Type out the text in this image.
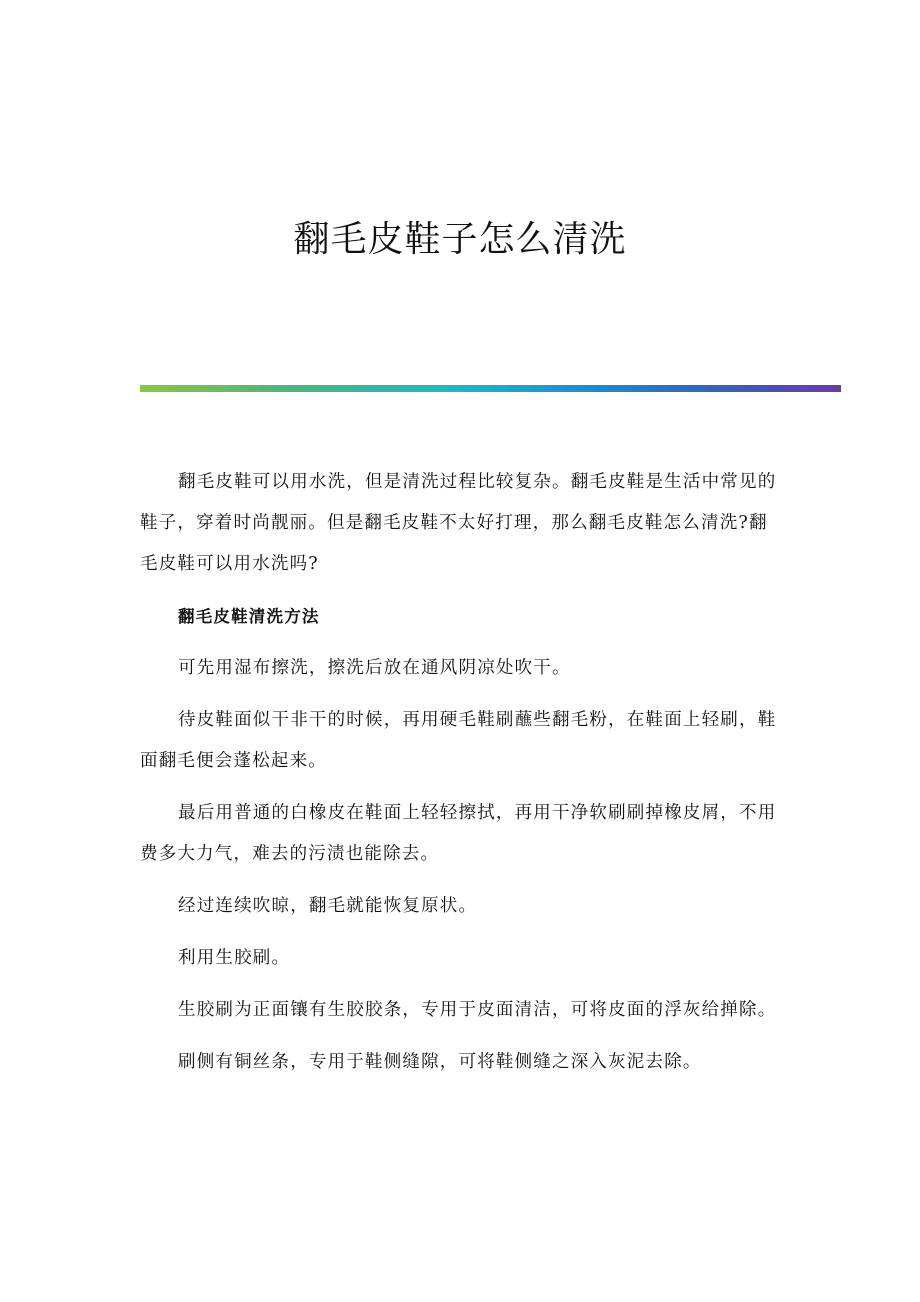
翻毛皮鞋子怎么清洗

翻毛皮鞋可以用水洗，但是清洗过程比较复杂。翻毛皮鞋是生活中常见的鞋子，穿着时尚靓丽。但是翻毛皮鞋不太好打理，那么翻毛皮鞋怎么清洗?翻毛皮鞋可以用水洗吗?

翻毛皮鞋清洗方法

可先用湿布擦洗，擦洗后放在通风阴凉处吹干。

待皮鞋面似干非干的时候，再用硬毛鞋刷蘸些翻毛粉，在鞋面上轻刷，鞋面翻毛便会蓬松起来。

最后用普通的白橡皮在鞋面上轻轻擦拭，再用干净软刷刷掉橡皮屑，不用费多大力气，难去的污渍也能除去。

经过连续吹晾，翻毛就能恢复原状。

利用生胶刷。

生胶刷为正面镶有生胶胶条，专用于皮面清洁，可将皮面的浮灰给掸除。

刷侧有铜丝条，专用于鞋侧缝隙，可将鞋侧缝之深入灰泥去除。
